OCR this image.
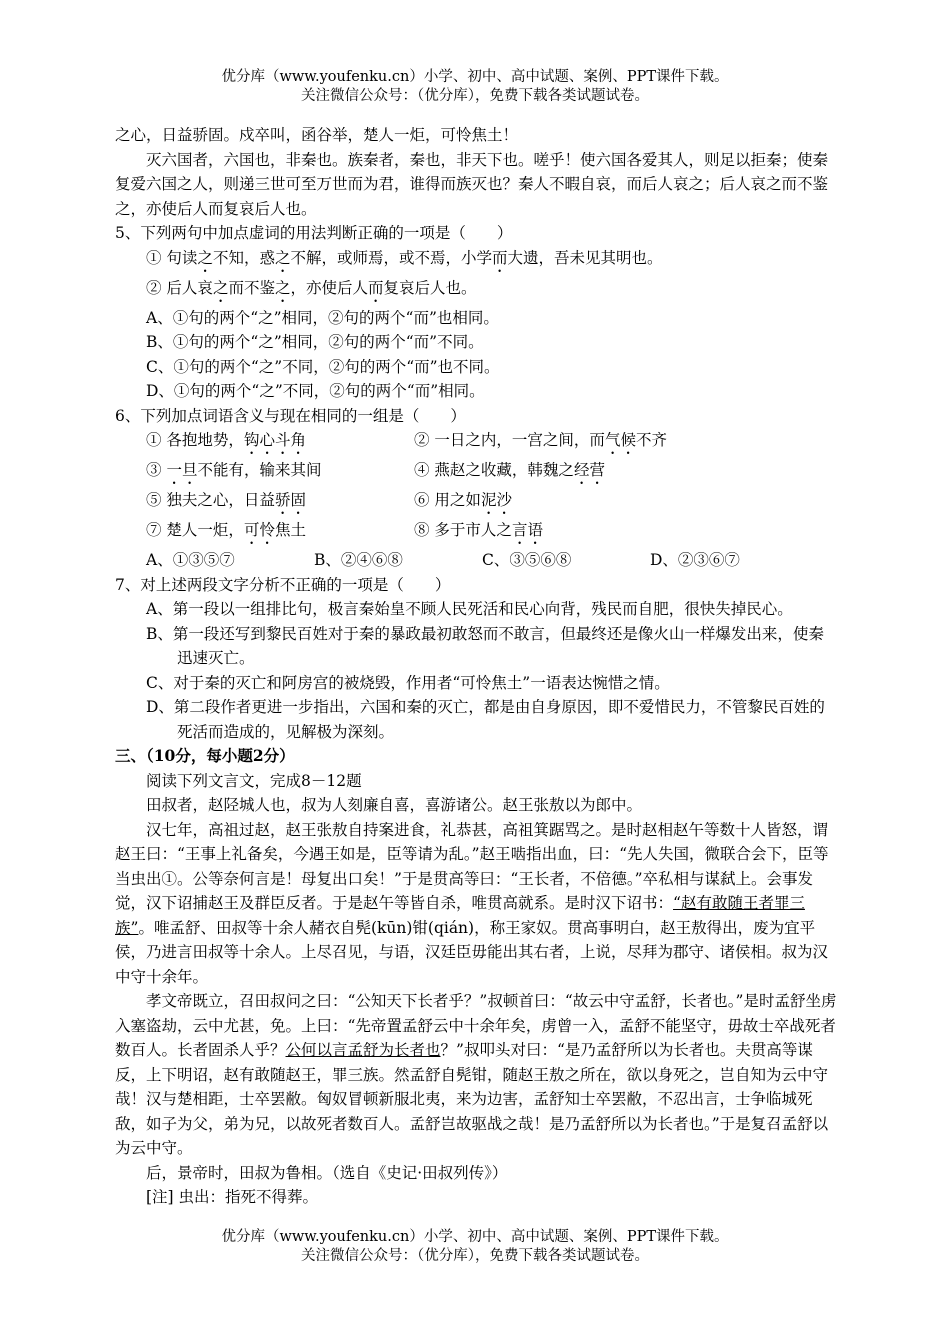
优分库（www.youfenku.cn）小学、初中、高中试题、案例、PPT课件下载。
关注微信公众号：（优分库），免费下载各类试题试卷。

之心，日益骄固。戍卒叫，函谷举，楚人一炬，可怜焦土！

灭六国者，六国也，非秦也。族秦者，秦也，非天下也。嗟乎！使六国各爱其人，则足以拒秦；使秦复爱六国之人，则递三世可至万世而为君，谁得而族灭也？秦人不暇自哀，而后人哀之；后人哀之而不鉴之，亦使后人而复哀后人也。

5、下列两句中加点虚词的用法判断正确的一项是（　　）

① 句读之不知，惑之不解，或师焉，或不焉，小学而大遗，吾未见其明也。

② 后人哀之而不鉴之，亦使后人而复哀后人也。

A、①句的两个“之”相同，②句的两个“而”也相同。

B、①句的两个“之”相同，②句的两个“而”不同。

C、①句的两个“之”不同，②句的两个“而”也不同。

D、①句的两个“之”不同，②句的两个“而”相同。

6、下列加点词语含义与现在相同的一组是（　　）

① 各抱地势，钩心斗角	② 一日之内，一宫之间，而气候不齐
③ 一旦不能有，输来其间	④ 燕赵之收藏，韩魏之经营
⑤ 独夫之心，日益骄固	⑥ 用之如泥沙
⑦ 楚人一炬，可怜焦土	⑧ 多于市人之言语
A、①③⑤⑦	B、②④⑥⑧	C、③⑤⑥⑧	D、②③⑥⑦

7、对上述两段文字分析不正确的一项是（　　）

A、第一段以一组排比句，极言秦始皇不顾人民死活和民心向背，残民而自肥，很快失掉民心。

B、第一段还写到黎民百姓对于秦的暴政最初敢怒而不敢言，但最终还是像火山一样爆发出来，使秦迅速灭亡。

C、对于秦的灭亡和阿房宫的被烧毁，作用者“可怜焦土”一语表达惋惜之情。

D、第二段作者更进一步指出，六国和秦的灭亡，都是由自身原因，即不爱惜民力，不管黎民百姓的死活而造成的，见解极为深刻。

三、（10分，每小题2分）

阅读下列文言文，完成8－12题

田叔者，赵陉城人也，叔为人刻廉自喜，喜游诸公。赵王张敖以为郎中。

汉七年，高祖过赵，赵王张敖自持案进食，礼恭甚，高祖箕踞骂之。是时赵相赵午等数十人皆怒，谓赵王曰：“王事上礼备矣，今遇王如是，臣等请为乱。”赵王啮指出血，曰：“先人失国，微联合会下，臣等当虫出①。公等奈何言是！母复出口矣！”于是贯高等曰：“王长者，不倍德。”卒私相与谋弑上。会事发觉，汉下诏捕赵王及群臣反者。于是赵午等皆自杀，唯贯高就系。是时汉下诏书：“赵有敢随王者罪三族”。唯孟舒、田叔等十余人赭衣自髡(kūn)钳(qián)，称王家奴。贯高事明白，赵王敖得出，废为宜平侯，乃进言田叔等十余人。上尽召见，与语，汉廷臣毋能出其右者，上说，尽拜为郡守、诸侯相。叔为汉中守十余年。

孝文帝既立，召田叔问之曰：“公知天下长者乎？”叔顿首曰：“故云中守孟舒，长者也。”是时孟舒坐虏入塞盗劫，云中尤甚，免。上曰：“先帝置孟舒云中十余年矣，虏曾一入，孟舒不能坚守，毋故士卒战死者数百人。长者固杀人乎？公何以言孟舒为长者也？”叔叩头对曰：“是乃孟舒所以为长者也。夫贯高等谋反，上下明诏，赵有敢随赵王，罪三族。然孟舒自髡钳，随赵王敖之所在，欲以身死之，岂自知为云中守哉！汉与楚相距，士卒罢敝。匈奴冒顿新服北夷，来为边害，孟舒知士卒罢敝，不忍出言，士争临城死敌，如子为父，弟为兄，以故死者数百人。孟舒岂故驱战之哉！是乃孟舒所以为长者也。”于是复召孟舒以为云中守。

后，景帝时，田叔为鲁相。（选自《史记·田叔列传》）

[注] 虫出：指死不得葬。

优分库（www.youfenku.cn）小学、初中、高中试题、案例、PPT课件下载。
关注微信公众号：（优分库），免费下载各类试题试卷。
